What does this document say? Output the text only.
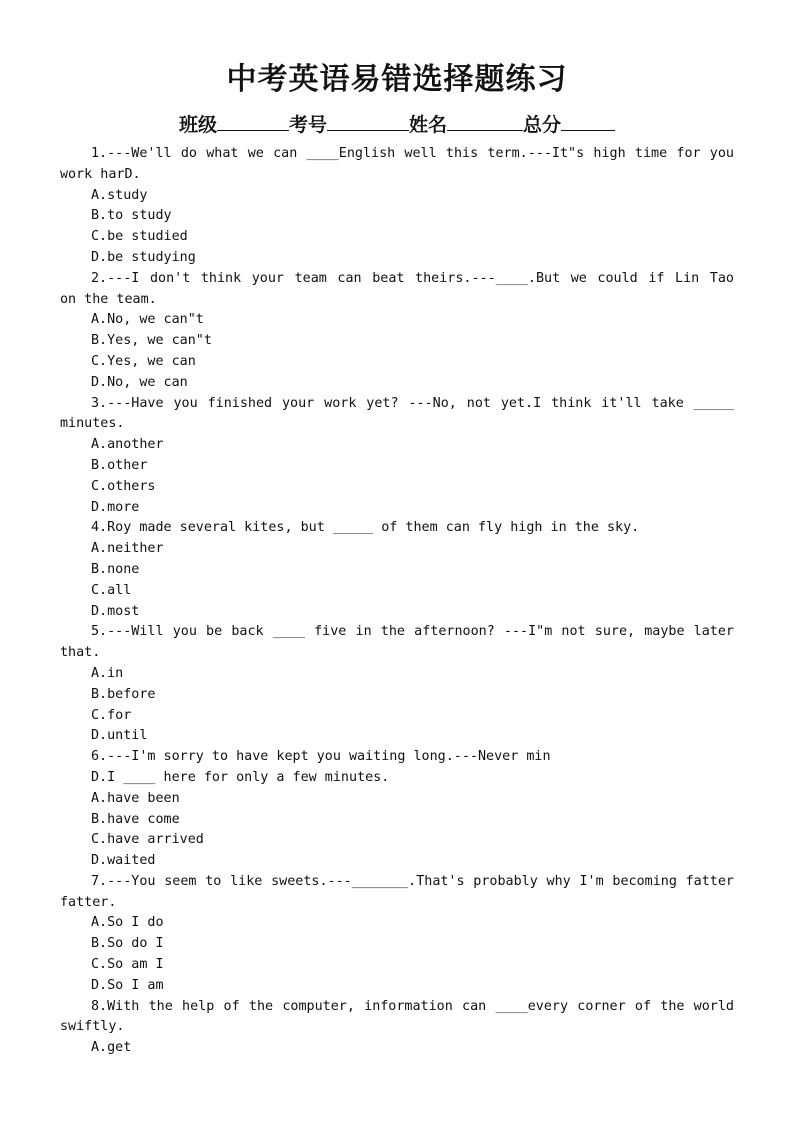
中考英语易错选择题练习
班级	考号	姓名	总分
1.---We'll do what we can ____English well this term.---It"s high time for you
work harD.
A.study
B.to study
C.be studied
D.be studying
2.---I don't think your team can beat theirs.---____.But we could if Lin Tao
on the team.
A.No, we can"t
B.Yes, we can"t
C.Yes, we can
D.No, we can
3.---Have you finished your work yet? ---No, not yet.I think it'll take _____
minutes.
A.another
B.other
C.others
D.more
4.Roy made several kites, but _____ of them can fly high in the sky.
A.neither
B.none
C.all
D.most
5.---Will you be back ____ five in the afternoon? ---I"m not sure, maybe later
that.
A.in
B.before
C.for
D.until
6.---I'm sorry to have kept you waiting long.---Never min
D.I ____ here for only a few minutes.
A.have been
B.have come
C.have arrived
D.waited
7.---You seem to like sweets.---_______.That's probably why I'm becoming fatter
fatter.
A.So I do
B.So do I
C.So am I
D.So I am
8.With the help of the computer, information can ____every corner of the world
swiftly.
A.get
